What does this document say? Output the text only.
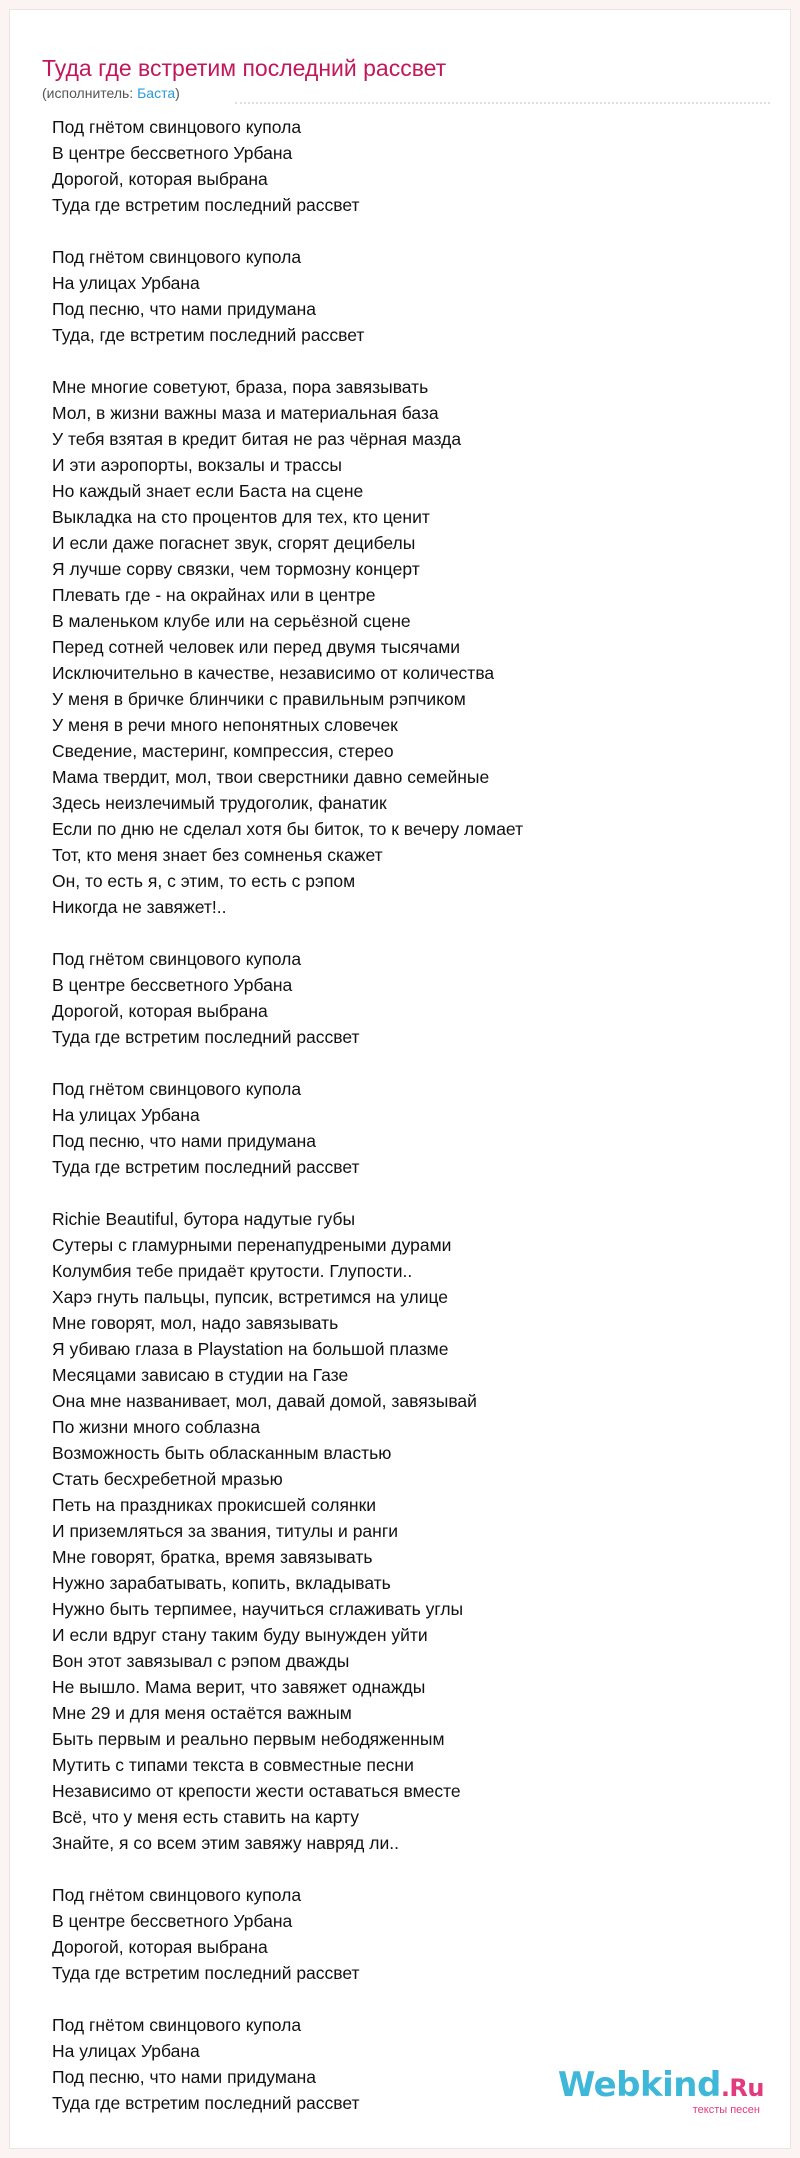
Туда где встретим последний рассвет
(исполнитель: Баста)
Под гнётом свинцового купола
В центре бессветного Урбана
Дорогой, которая выбрана
Туда где встретим последний рассвет
Под гнётом свинцового купола
На улицах Урбана
Под песню, что нами придумана
Туда, где встретим последний рассвет
Мне многие советуют, браза, пора завязывать
Мол, в жизни важны маза и материальная база
У тебя взятая в кредит битая не раз чёрная мазда
И эти аэропорты, вокзалы и трассы
Но каждый знает если Баста на сцене
Выкладка на сто процентов для тех, кто ценит
И если даже погаснет звук, сгорят децибелы
Я лучше сорву связки, чем тормозну концерт
Плевать где - на окрайнах или в центре
В маленьком клубе или на серьёзной сцене
Перед сотней человек или перед двумя тысячами
Исключительно в качестве, независимо от количества
У меня в бричке блинчики с правильным рэпчиком
У меня в речи много непонятных словечек
Сведение, мастеринг, компрессия, стерео
Мама твердит, мол, твои сверстники давно семейные
Здесь неизлечимый трудоголик, фанатик
Если по дню не сделал хотя бы биток, то к вечеру ломает
Тот, кто меня знает без сомненья скажет
Он, то есть я, с этим, то есть с рэпом
Никогда не завяжет!..
Под гнётом свинцового купола
В центре бессветного Урбана
Дорогой, которая выбрана
Туда где встретим последний рассвет
Под гнётом свинцового купола
На улицах Урбана
Под песню, что нами придумана
Туда где встретим последний рассвет
Richie Beautiful, бутора надутые губы
Сутеры с гламурными перенапудреными дурами
Колумбия тебе придаёт крутости. Глупости..
Харэ гнуть пальцы, пупсик, встретимся на улице
Мне говорят, мол, надо завязывать
Я убиваю глаза в Playstation на большой плазме
Месяцами зависаю в студии на Газе
Она мне названивает, мол, давай домой, завязывай
По жизни много соблазна
Возможность быть обласканным властью
Стать бесхребетной мразью
Петь на праздниках прокисшей солянки
И приземляться за звания, титулы и ранги
Мне говорят, братка, время завязывать
Нужно зарабатывать, копить, вкладывать
Нужно быть терпимее, научиться сглаживать углы
И если вдруг стану таким буду вынужден уйти
Вон этот завязывал с рэпом дважды
Не вышло. Мама верит, что завяжет однажды
Мне 29 и для меня остаётся важным
Быть первым и реально первым небодяженным
Мутить с типами текста в совместные песни
Независимо от крепости жести оставаться вместе
Всё, что у меня есть ставить на карту
Знайте, я со всем этим завяжу навряд ли..
Под гнётом свинцового купола
В центре бессветного Урбана
Дорогой, которая выбрана
Туда где встретим последний рассвет
Под гнётом свинцового купола
На улицах Урбана
Под песню, что нами придумана
Туда где встретим последний рассвет	Webkind.Ru
тексты песен
